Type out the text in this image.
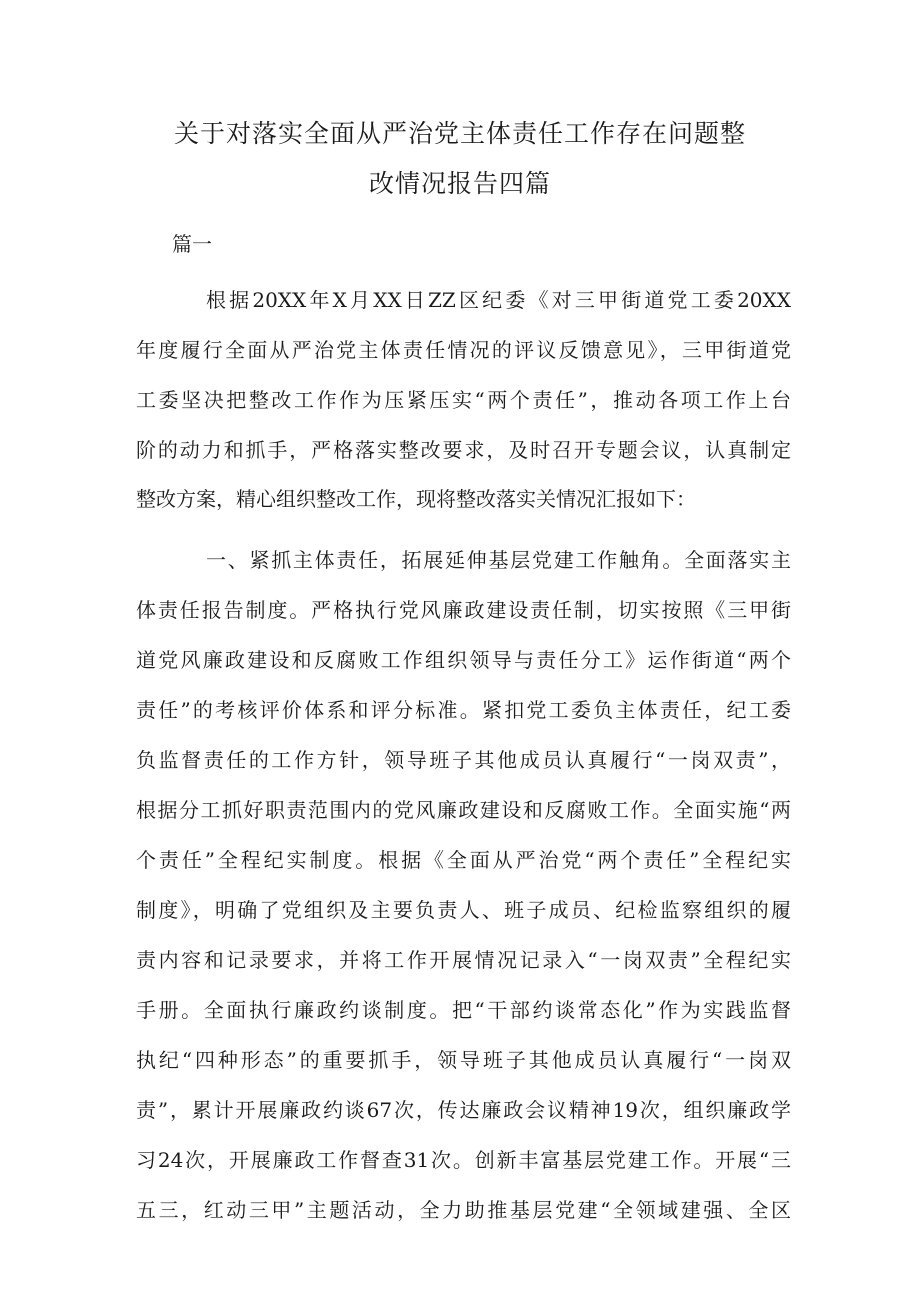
关于对落实全面从严治党主体责任工作存在问题整
改情况报告四篇

篇一

根据20XX年X月XX日ZZ区纪委《对三甲街道党工委20XX

年度履行全面从严治党主体责任情况的评议反馈意见》，三甲街道党

工委坚决把整改工作作为压紧压实“两个责任”，推动各项工作上台

阶的动力和抓手，严格落实整改要求，及时召开专题会议，认真制定

整改方案，精心组织整改工作，现将整改落实关情况汇报如下：

一、紧抓主体责任，拓展延伸基层党建工作触角。全面落实主

体责任报告制度。严格执行党风廉政建设责任制，切实按照《三甲街

道党风廉政建设和反腐败工作组织领导与责任分工》运作街道“两个

责任”的考核评价体系和评分标准。紧扣党工委负主体责任，纪工委

负监督责任的工作方针，领导班子其他成员认真履行“一岗双责”，

根据分工抓好职责范围内的党风廉政建设和反腐败工作。全面实施“两

个责任”全程纪实制度。根据《全面从严治党“两个责任”全程纪实

制度》，明确了党组织及主要负责人、班子成员、纪检监察组织的履

责内容和记录要求，并将工作开展情况记录入“一岗双责”全程纪实

手册。全面执行廉政约谈制度。把“干部约谈常态化”作为实践监督

执纪“四种形态”的重要抓手，领导班子其他成员认真履行“一岗双

责”，累计开展廉政约谈67次，传达廉政会议精神19次，组织廉政学

习24次，开展廉政工作督查31次。创新丰富基层党建工作。开展“三

五三，红动三甲”主题活动，全力助推基层党建“全领域建强、全区
